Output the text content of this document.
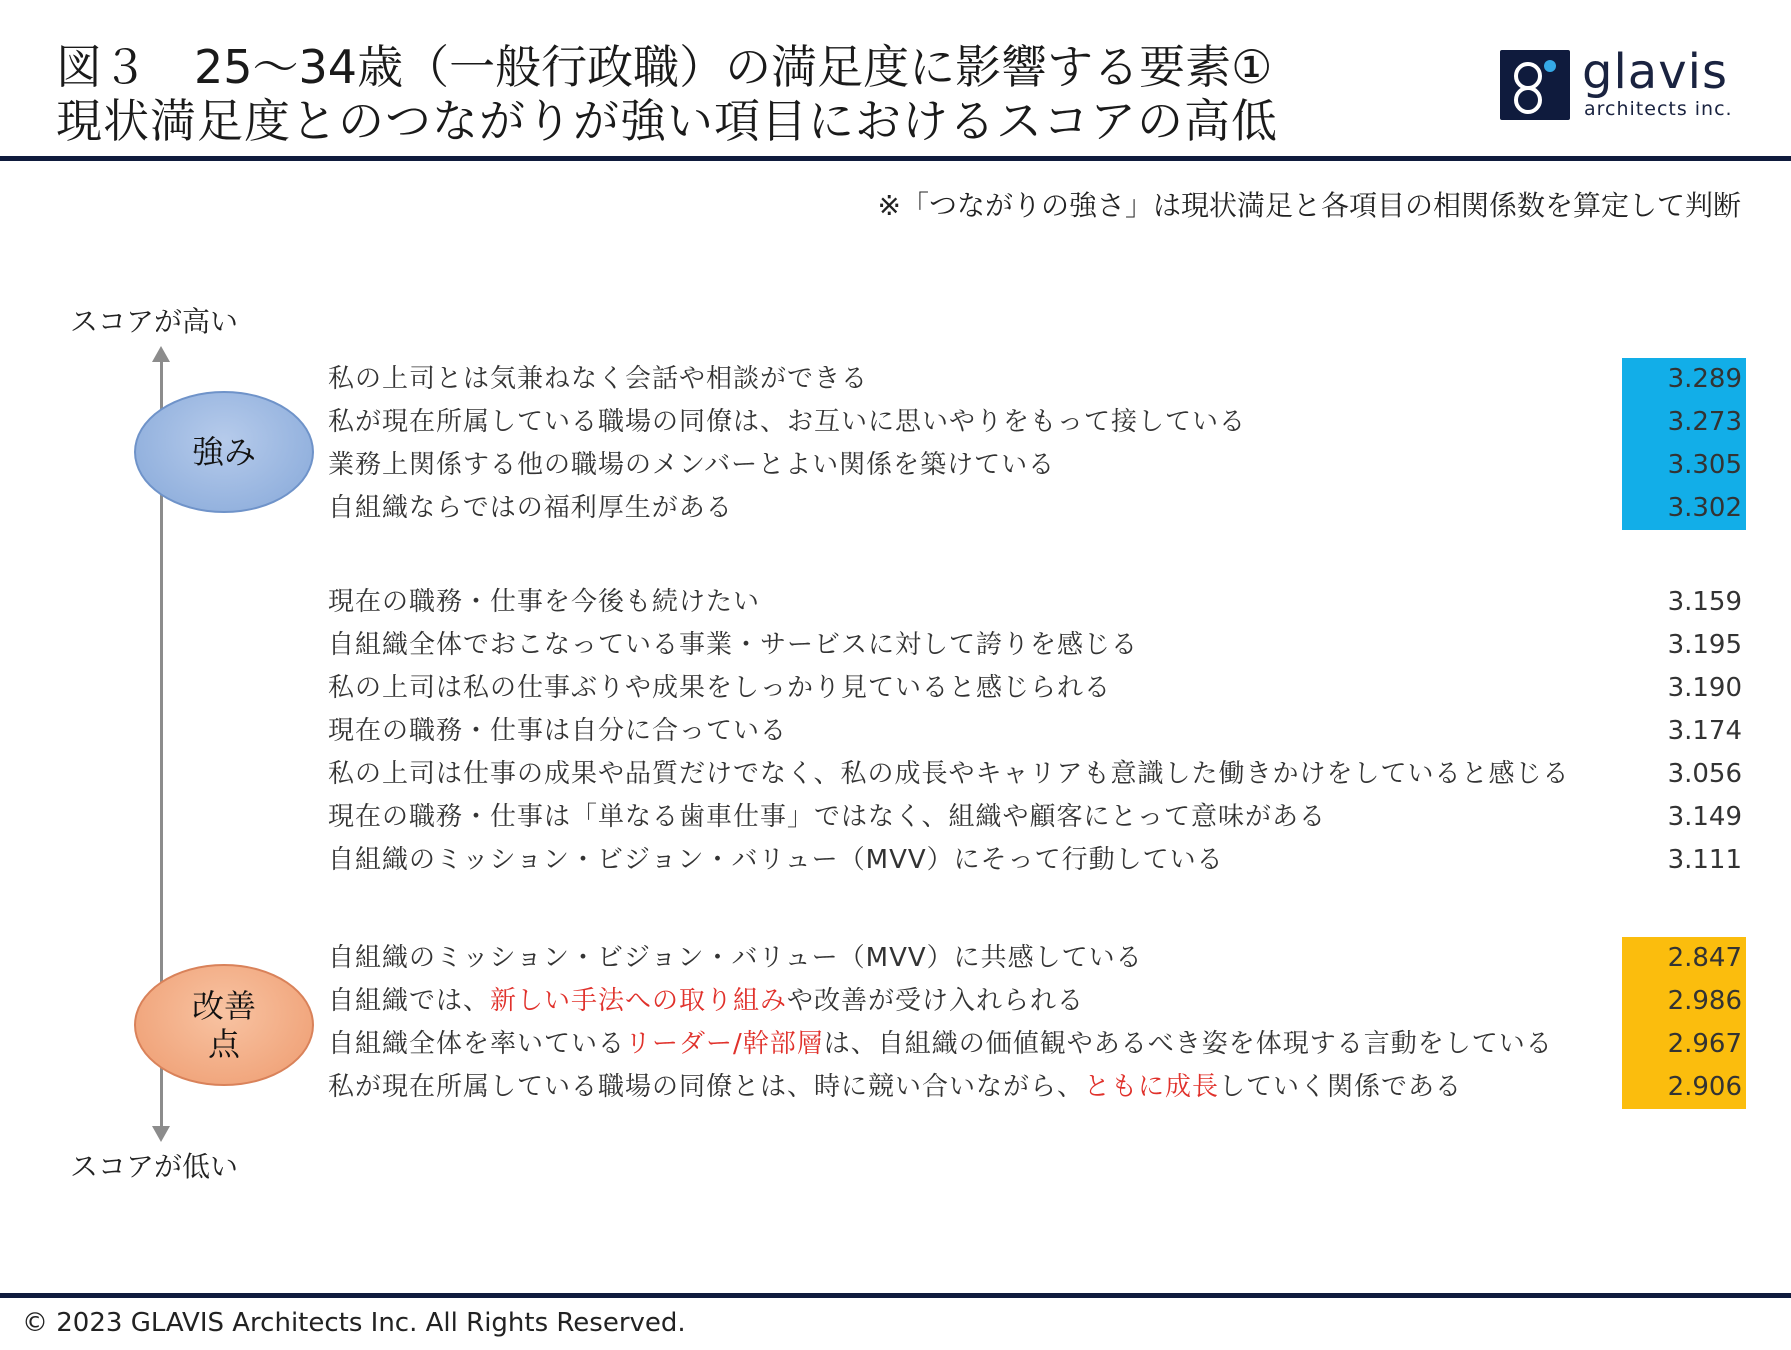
図３　25～34歳（一般行政職）の満足度に影響する要素①
現状満足度とのつながりが強い項目におけるスコアの高低
glavis
architects inc.
※「つながりの強さ」は現状満足と各項目の相関係数を算定して判断
スコアが高い
スコアが低い
強み
改善点
私の上司とは気兼ねなく会話や相談ができる	3.289
私が現在所属している職場の同僚は、お互いに思いやりをもって接している	3.273
業務上関係する他の職場のメンバーとよい関係を築けている	3.305
自組織ならではの福利厚生がある	3.302
現在の職務・仕事を今後も続けたい	3.159
自組織全体でおこなっている事業・サービスに対して誇りを感じる	3.195
私の上司は私の仕事ぶりや成果をしっかり見ていると感じられる	3.190
現在の職務・仕事は自分に合っている	3.174
私の上司は仕事の成果や品質だけでなく、私の成長やキャリアも意識した働きかけをしていると感じる	3.056
現在の職務・仕事は「単なる歯車仕事」ではなく、組織や顧客にとって意味がある	3.149
自組織のミッション・ビジョン・バリュー（MVV）にそって行動している	3.111
自組織のミッション・ビジョン・バリュー（MVV）に共感している	2.847
自組織では、新しい手法への取り組みや改善が受け入れられる	2.986
自組織全体を率いているリーダー/幹部層は、自組織の価値観やあるべき姿を体現する言動をしている	2.967
私が現在所属している職場の同僚とは、時に競い合いながら、ともに成長していく関係である	2.906
© 2023 GLAVIS Architects Inc. All Rights Reserved.
